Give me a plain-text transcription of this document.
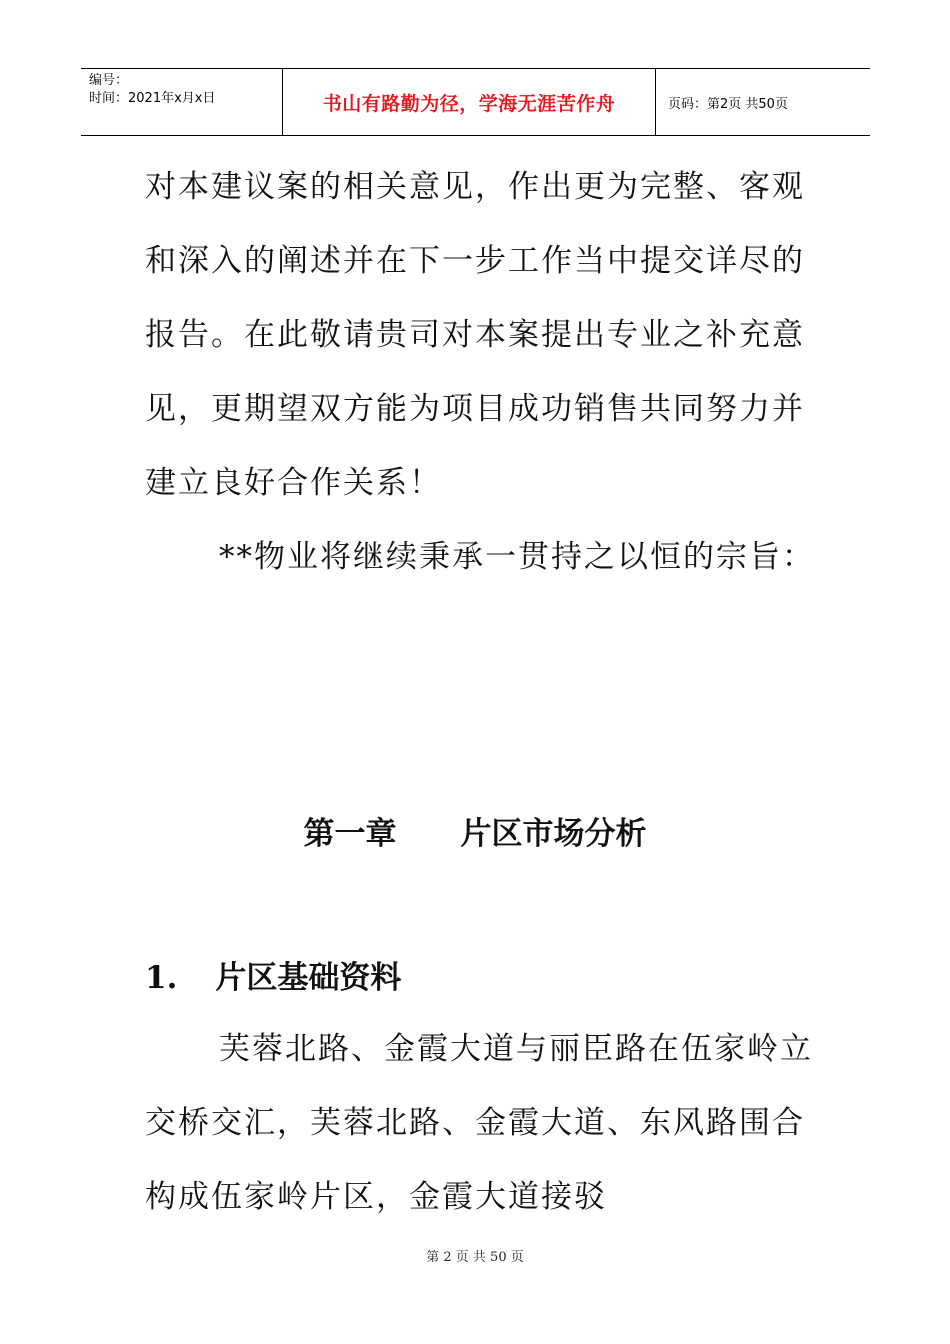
编号：
时间：2021年x月x日	书山有路勤为径，学海无涯苦作舟	页码：第2页 共50页
对本建议案的相关意见，作出更为完整、客观和深入的阐述并在下一步工作当中提交详尽的报告。在此敬请贵司对本案提出专业之补充意见，更期望双方能为项目成功销售共同努力并建立良好合作关系！
**物业将继续秉承一贯持之以恒的宗旨：
第一章 片区市场分析
1. 片区基础资料
芙蓉北路、金霞大道与丽臣路在伍家岭立交桥交汇，芙蓉北路、金霞大道、东风路围合构成伍家岭片区，金霞大道接驳
第 2 页 共 50 页
